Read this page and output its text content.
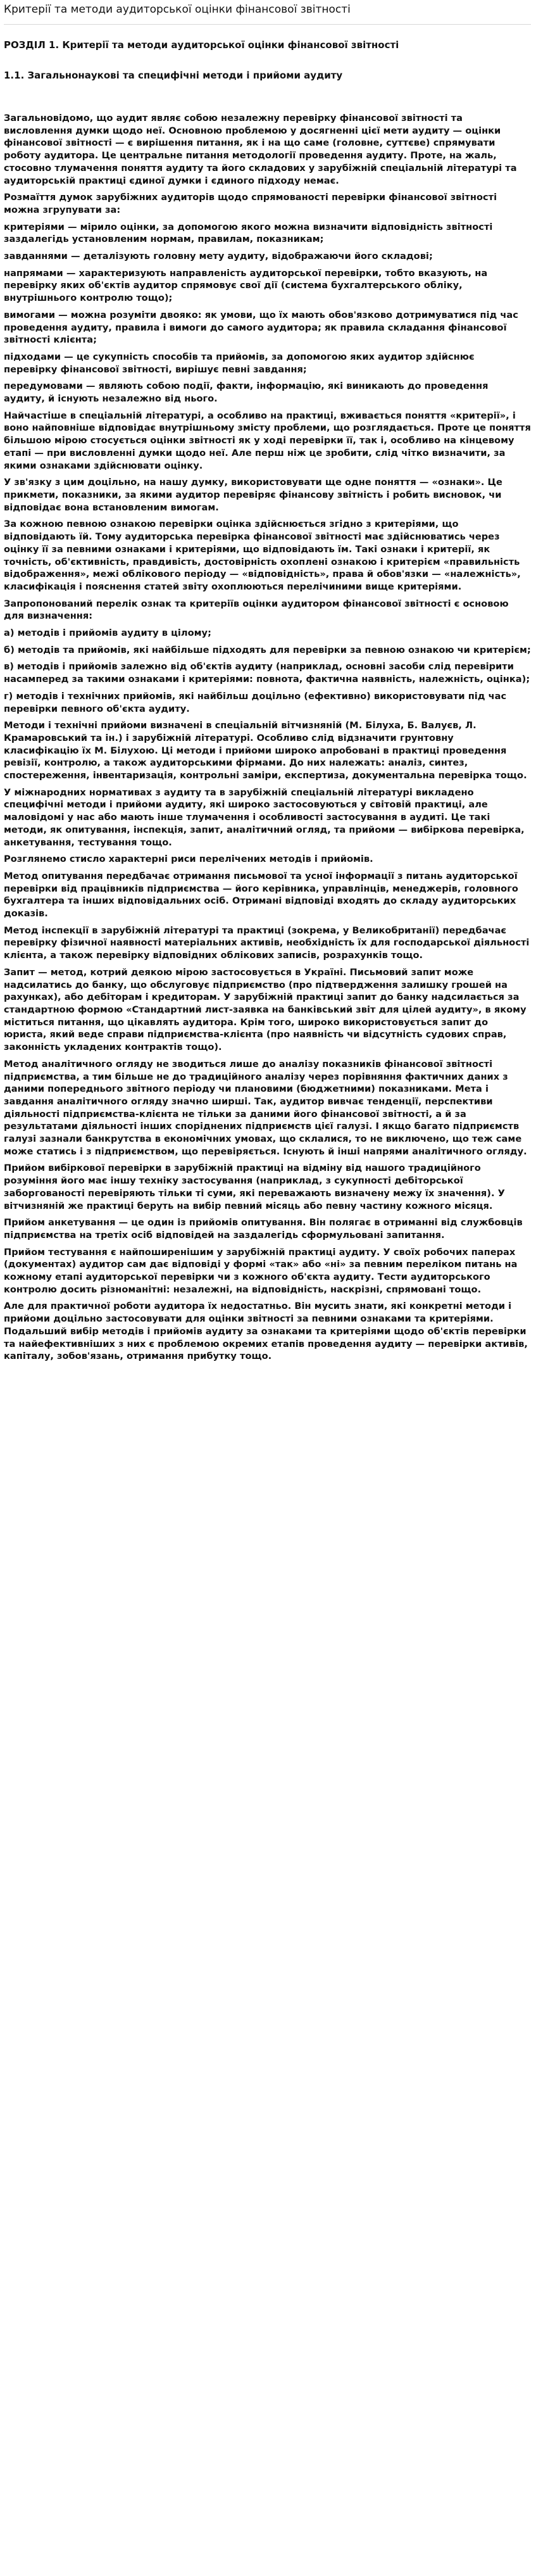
Критерії та методи аудиторської оцінки фінансової звітності
РОЗДІЛ 1. Критерії та методи аудиторської оцінки фінансової звітності
1.1. Загальнонаукові та специфічні методи і прийоми аудиту

Загальновідомо, що аудит являє собою незалежну перевірку фінансової звітності та висловлення думки щодо неї. Основною проблемою у досягненні цієї мети аудиту — оцінки фінансової звітності — є вирішення питання, як і на що саме (головне, суттєве) спрямувати роботу аудитора. Це центральне питання методології проведення аудиту. Проте, на жаль, стосовно тлумачення поняття аудиту та його складових у зарубіжній спеціальній літературі та аудиторській практиці єдиної думки і єдиного підходу немає.

Розмаїття думок зарубіжних аудиторів щодо спрямованості перевірки фінансової звітності можна згрупувати за:

критеріями — мірило оцінки, за допомогою якого можна визначити відповідність звітності заздалегідь установленим нормам, правилам, показникам;

завданнями — деталізують головну мету аудиту, відображаючи його складові;

напрямами — характеризують направленість аудиторської перевірки, тобто вказують, на перевірку яких об'єктів аудитор спрямовує свої дії (система бухгалтерського обліку, внутрішнього контролю тощо);

вимогами — можна розуміти двояко: як умови, що їх мають обов'язково дотримуватися під час проведення аудиту, правила і вимоги до самого аудитора; як правила складання фінансової звітності клієнта;

підходами — це сукупність способів та прийомів, за допомогою яких аудитор здійснює перевірку фінансової звітності, вирішує певні завдання;

передумовами — являють собою події, факти, інформацію, які виникають до проведення аудиту, й існують незалежно від нього.

Найчастіше в спеціальній літературі, а особливо на практиці, вживається поняття «критерії», і воно найповніше відповідає внутрішньому змісту проблеми, що розглядається. Проте це поняття більшою мірою стосується оцінки звітності як у ході перевірки її, так і, особливо на кінцевому етапі — при висловленні думки щодо неї. Але перш ніж це зробити, слід чітко визначити, за якими ознаками здійснювати оцінку.

У зв'язку з цим доцільно, на нашу думку, використовувати ще одне поняття — «ознаки». Це прикмети, показники, за якими аудитор перевіряє фінансову звітність і робить висновок, чи відповідає вона встановленим вимогам.

За кожною певною ознакою перевірки оцінка здійснюється згідно з критеріями, що відповідають їй. Тому аудиторська перевірка фінансової звітності має здійснюватись через оцінку її за певними ознаками і критеріями, що відповідають їм. Такі ознаки і критерії, як точність, об'єктивність, правдивість, достовірність охоплені ознакою і критерієм «правильність відображення», межі облікового періоду — «відповідність», права й обов'язки — «належність», класифікація і пояснення статей звіту охоплюються перелічиними вище критеріями.

Запропонований перелік ознак та критеріїв оцінки аудитором фінансової звітності є основою для визначення:

а) методів і прийомів аудиту в цілому;

б) методів та прийомів, які найбільше підходять для перевірки за певною ознакою чи критерієм;

в) методів і прийомів залежно від об'єктів аудиту (наприклад, основні засоби слід перевірити насамперед за такими ознаками і критеріями: повнота, фактична наявність, належність, оцінка);

г) методів і технічних прийомів, які найбільш доцільно (ефективно) використовувати під час перевірки певного об'єкта аудиту.

Методи і технічні прийоми визначені в спеціальній вітчизняній (М. Білуха, Б. Валуєв, Л. Крамаровський та ін.) і зарубіжній літературі. Особливо слід відзначити грунтовну класифікацію їх М. Білухою. Ці методи і прийоми широко апробовані в практиці проведення ревізії, контролю, а також аудиторськими фірмами. До них належать: аналіз, синтез, спостереження, інвентаризація, контрольні заміри, експертиза, документальна перевірка тощо.

У міжнародних нормативах з аудиту та в зарубіжній спеціальній літературі викладено специфічні методи і прийоми аудиту, які широко застосовуються у світовій практиці, але маловідомі у нас або мають інше тлумачення і особливості застосування в аудиті. Це такі методи, як опитування, інспекція, запит, аналітичний огляд, та прийоми — вибіркова перевірка, анкетування, тестування тощо.

Розглянемо стисло характерні риси перелічених методів і прийомів.

Метод опитування передбачає отримання письмової та усної інформації з питань аудиторської перевірки від працівників підприємства — його керівника, управлінців, менеджерів, головного бухгалтера та інших відповідальних осіб. Отримані відповіді входять до складу аудиторських доказів.

Метод інспекції в зарубіжній літературі та практиці (зокрема, у Великобританії) передбачає перевірку фізичної наявності матеріальних активів, необхідність їх для господарської діяльності клієнта, а також перевірку відповідних облікових записів, розрахунків тощо.

Запит — метод, котрий деякою мірою застосовується в Україні. Письмовий запит може надсилатись до банку, що обслуговує підприємство (про підтвердження залишку грошей на рахунках), або дебіторам і кредиторам. У зарубіжній практиці запит до банку надсилається за стандартною формою «Стандартний лист-заявка на банківський звіт для цілей аудиту», в якому міститься питання, що цікавлять аудитора. Крім того, широко використовується запит до юриста, який веде справи підприємства-клієнта (про наявність чи відсутність судових справ, законність укладених контрактів тощо).

Метод аналітичного огляду не зводиться лише до аналізу показників фінансової звітності підприємства, а тим більше не до традиційного аналізу через порівняння фактичних даних з даними попереднього звітного періоду чи плановими (бюджетними) показниками. Мета і завдання аналітичного огляду значно ширші. Так, аудитор вивчає тенденції, перспективи діяльності підприємства-клієнта не тільки за даними його фінансової звітності, а й за результатами діяльності інших споріднених підприємств цієї галузі. І якщо багато підприємств галузі зазнали банкрутства в економічних умовах, що склалися, то не виключено, що теж саме може статись і з підприємством, що перевіряється. Існують й інші напрями аналітичного огляду.

Прийом вибіркової перевірки в зарубіжній практиці на відміну від нашого традиційного розуміння його має іншу техніку застосування (наприклад, з сукупності дебіторської заборгованості перевіряють тільки ті суми, які переважають визначену межу їх значення). У вітчизняній же практиці беруть на вибір певний місяць або певну частину кожного місяця.

Прийом анкетування — це один із прийомів опитування. Він полягає в отриманні від службовців підприємства на третіх осіб відповідей на заздалегідь сформульовані запитання.

Прийом тестування є найпоширенішим у зарубіжній практиці аудиту. У своїх робочих паперах (документах) аудитор сам дає відповіді у формі «так» або «ні» за певним переліком питань на кожному етапі аудиторської перевірки чи з кожного об'єкта аудиту. Тести аудиторського контролю досить різноманітні: незалежні, на відповідність, наскрізні, спрямовані тощо.

Але для практичної роботи аудитора їх недостатньо. Він мусить знати, які конкретні методи і прийоми доцільно застосовувати для оцінки звітності за певними ознаками та критеріями. Подальший вибір методів і прийомів аудиту за ознаками та критеріями щодо об'єктів перевірки та найефективніших з них є проблемою окремих етапів проведення аудиту — перевірки активів, капіталу, зобов'язань, отримання прибутку тощо.
